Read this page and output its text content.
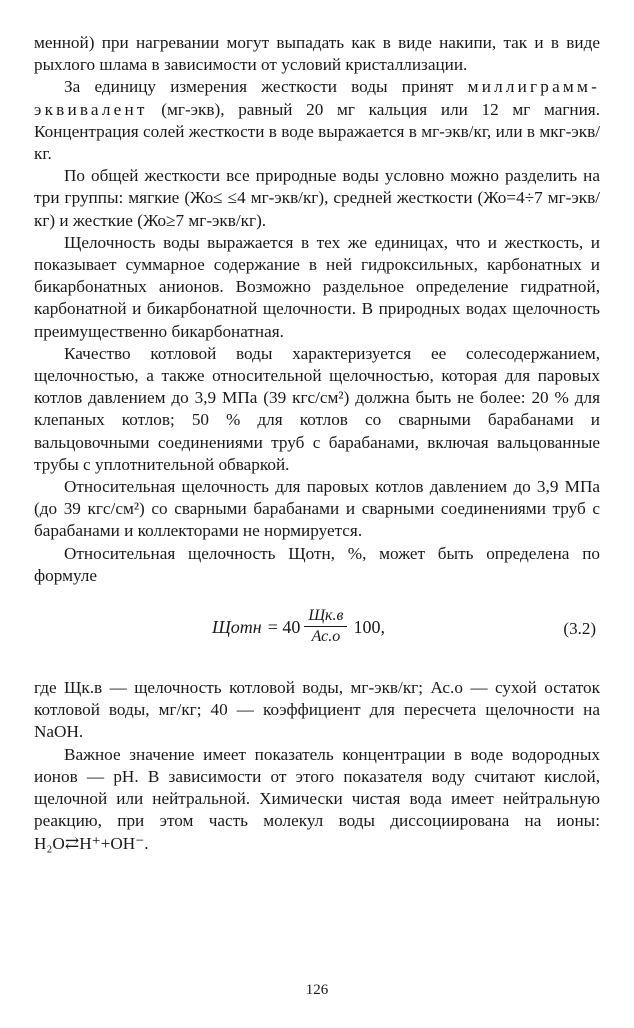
менной) при нагревании могут выпадать как в виде накипи, так и в виде рыхлого шлама в зависимости от условий кристаллизации.

За единицу измерения жесткости воды принят миллиграмм-эквивалент (мг-экв), равный 20 мг кальция или 12 мг магния. Концентрация солей жесткости в воде выражается в мг-экв/кг, или в мкг-экв/кг.

По общей жесткости все природные воды условно можно разделить на три группы: мягкие (Жо≤ ≤4 мг-экв/кг), средней жесткости (Жо=4÷7 мг-экв/кг) и жесткие (Жо≥7 мг-экв/кг).

Щелочность воды выражается в тех же единицах, что и жесткость, и показывает суммарное содержание в ней гидроксильных, карбонатных и бикарбонатных анионов. Возможно раздельное определение гидратной, карбонатной и бикарбонатной щелочности. В природных водах щелочность преимущественно бикарбонатная.

Качество котловой воды характеризуется ее солесодержанием, щелочностью, а также относительной щелочностью, которая для паровых котлов давлением до 3,9 МПа (39 кгс/см²) должна быть не более: 20 % для клепаных котлов; 50 % для котлов со сварными барабанами и вальцовочными соединениями труб с барабанами, включая вальцованные трубы с уплотнительной обваркой.

Относительная щелочность для паровых котлов давлением до 3,9 МПа (до 39 кгс/см²) со сварными барабанами и сварными соединениями труб с барабанами и коллекторами не нормируется.

Относительная щелочность Щотн, %, может быть определена по формуле

Щотн = $40 \frac{Щк.в}{Ас.о} 100$,	(3.2)

где Щк.в — щелочность котловой воды, мг-экв/кг; Ас.о — сухой остаток котловой воды, мг/кг; 40 — коэффициент для пересчета щелочности на NaOH.

Важное значение имеет показатель концентрации в воде водородных ионов — pH. В зависимости от этого показателя воду считают кислой, щелочной или нейтральной. Химически чистая вода имеет нейтральную реакцию, при этом часть молекул воды диссоциирована на ионы: H₂O⇄H⁺+OH⁻.

126
